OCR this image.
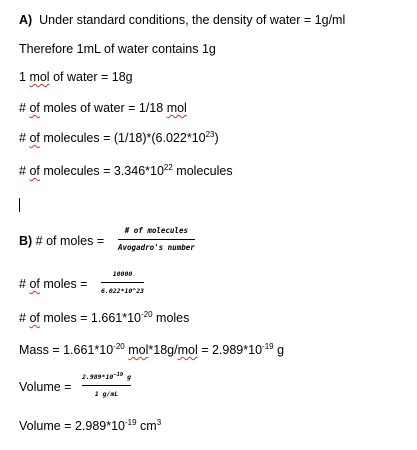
A) Under standard conditions, the density of water = 1g/ml
Therefore 1mL of water contains 1g
1 mol of water = 18g
# of moles of water = 1/18 mol
# of molecules = $(1/18)*(6.022*10^{23})$
# of molecules = $3.346*10^{22}$ molecules
B) # of moles =
# of molecules
Avogadro's number
# of moles =
10000
6.022*10^23
# of moles = $1.661*10^{-20}$ moles
Mass = $1.661*10^{-20}$ $mol*18g/mol = 2.989*10^{-19}$ g
Volume =
$2.989*10^{-19}$ g
1 g/mL
Volume = $2.989*10^{-19}$ $cm^3$
